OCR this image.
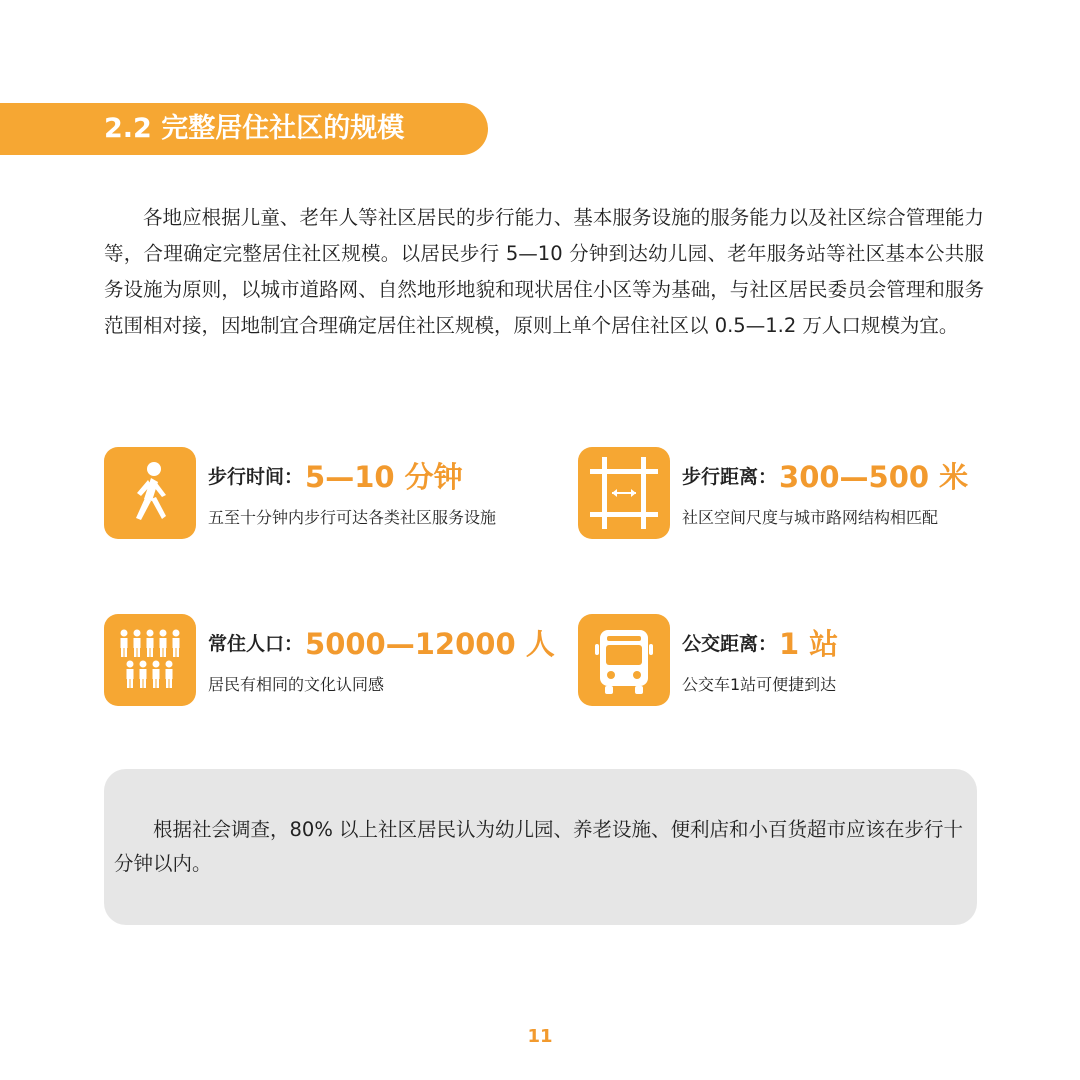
2.2 完整居住社区的规模

各地应根据儿童、老年人等社区居民的步行能力、基本服务设施的服务能力以及社区综合管理能力等，合理确定完整居住社区规模。以居民步行 5—10 分钟到达幼儿园、老年服务站等社区基本公共服务设施为原则，以城市道路网、自然地形地貌和现状居住小区等为基础，与社区居民委员会管理和服务范围相对接，因地制宜合理确定居住社区规模，原则上单个居住社区以 0.5—1.2 万人口规模为宜。

步行时间：5—10 分钟
五至十分钟内步行可达各类社区服务设施
步行距离：300—500 米
社区空间尺度与城市路网结构相匹配
常住人口：5000—12000 人
居民有相同的文化认同感
公交距离：1 站
公交车1站可便捷到达

根据社会调查，80% 以上社区居民认为幼儿园、养老设施、便利店和小百货超市应该在步行十分钟以内。

11
